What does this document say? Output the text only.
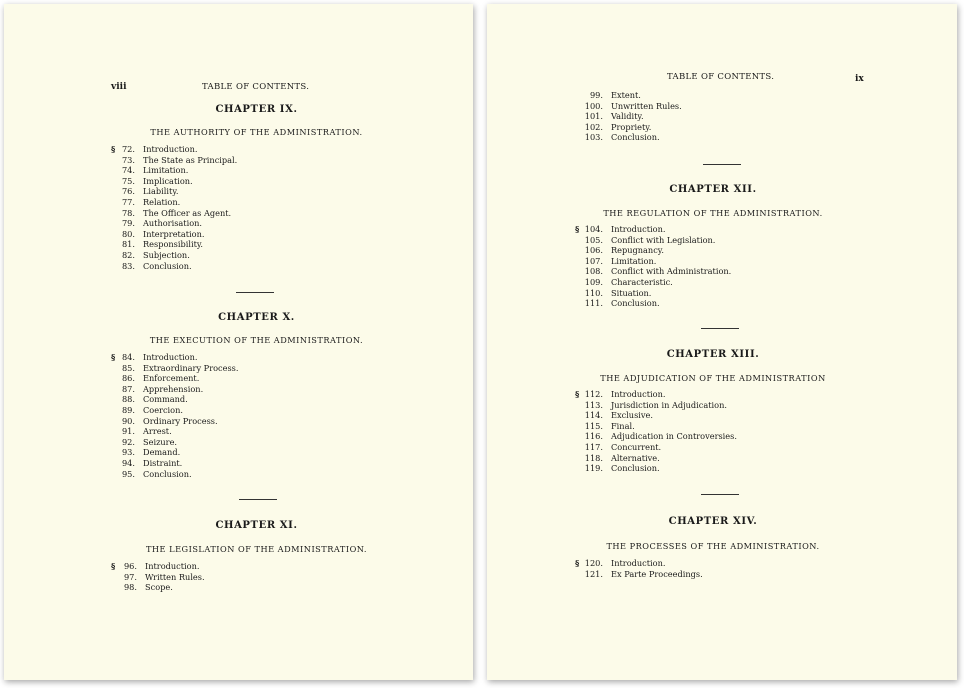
viii	TABLE OF CONTENTS.
CHAPTER IX.
THE AUTHORITY OF THE ADMINISTRATION.
§ 72. Introduction.
73. The State as Principal.
74. Limitation.
75. Implication.
76. Liability.
77. Relation.
78. The Officer as Agent.
79. Authorisation.
80. Interpretation.
81. Responsibility.
82. Subjection.
83. Conclusion.
CHAPTER X.
THE EXECUTION OF THE ADMINISTRATION.
§ 84. Introduction.
85. Extraordinary Process.
86. Enforcement.
87. Apprehension.
88. Command.
89. Coercion.
90. Ordinary Process.
91. Arrest.
92. Seizure.
93. Demand.
94. Distraint.
95. Conclusion.
CHAPTER XI.
THE LEGISLATION OF THE ADMINISTRATION.
§	96. Introduction.
97. Written Rules.
98. Scope.
TABLE OF CONTENTS.	ix
99. Extent.
100. Unwritten Rules.
101. Validity.
102. Propriety.
103. Conclusion.
CHAPTER XII.
THE REGULATION OF THE ADMINISTRATION.
§ 104. Introduction.
105. Conflict with Legislation.
106. Repugnancy.
107. Limitation.
108. Conflict with Administration.
109. Characteristic.
110. Situation.
111. Conclusion.
CHAPTER XIII.
THE ADJUDICATION OF THE ADMINISTRATION
§ 112. Introduction.
113. Jurisdiction in Adjudication.
114. Exclusive.
115. Final.
116. Adjudication in Controversies.
117. Concurrent.
118. Alternative.
119. Conclusion.
CHAPTER XIV.
THE PROCESSES OF THE ADMINISTRATION.
§ 120. Introduction.
121. Ex Parte Proceedings.
